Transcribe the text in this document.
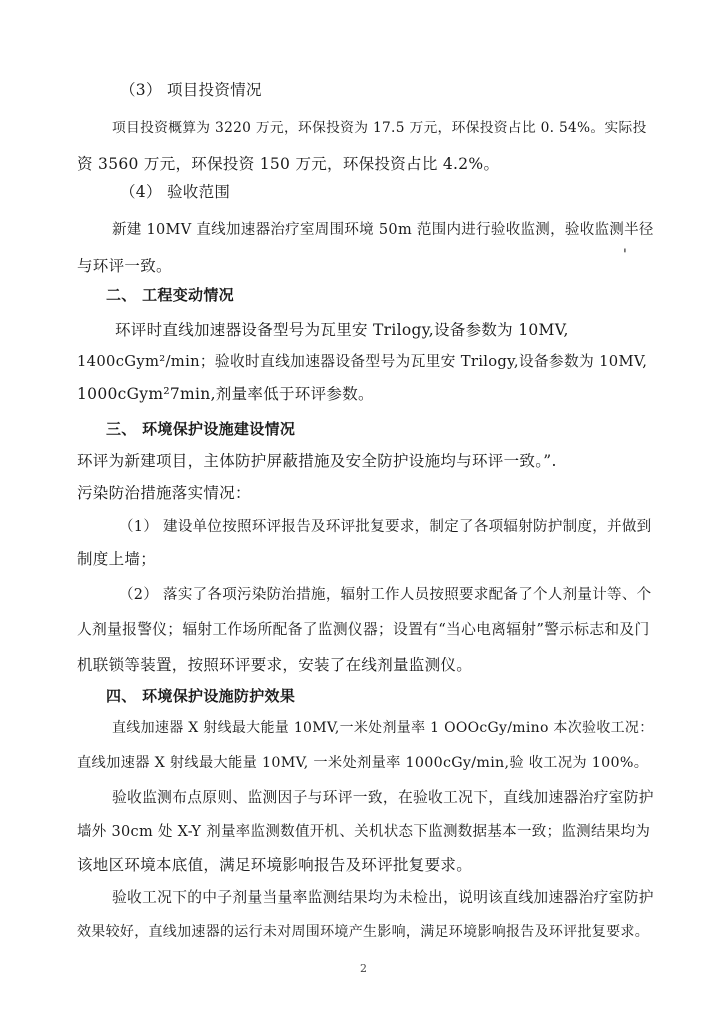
（3） 项目投资情况
项目投资概算为 3220 万元，环保投资为 17.5 万元，环保投资占比 0. 54%。实际投
资 3560 万元，环保投资 150 万元，环保投资占比 4.2%。
（4） 验收范围
新建 10MV 直线加速器治疗室周围环境 50m 范围内进行验收监测，验收监测半径
与环评一致。
'
二、 工程变动情况
环评时直线加速器设备型号为瓦里安 Trilogy,设备参数为 10MV,
1400cGym²/min；验收时直线加速器设备型号为瓦里安 Trilogy,设备参数为 10MV,
1000cGym²7min,剂量率低于环评参数。
三、 环境保护设施建设情况
环评为新建项目，主体防护屏蔽措施及安全防护设施均与环评一致。”.
污染防治措施落实情况：
（1） 建设单位按照环评报告及环评批复要求，制定了各项辐射防护制度，并做到
制度上墙；
（2） 落实了各项污染防治措施，辐射工作人员按照要求配备了个人剂量计等、个
人剂量报警仪；辐射工作场所配备了监测仪器；设置有“当心电离辐射”警示标志和及门
机联锁等装置，按照环评要求，安装了在线剂量监测仪。
四、 环境保护设施防护效果
直线加速器 X 射线最大能量 10MV,一米处剂量率 1 OOOcGy/mino 本次验收工况：
直线加速器 X 射线最大能量 10MV, 一米处剂量率 1000cGy/min,验 收工况为 100%。
验收监测布点原则、监测因子与环评一致，在验收工况下，直线加速器治疗室防护
墙外 30cm 处 X-Y 剂量率监测数值开机、关机状态下监测数据基本一致；监测结果均为
该地区环境本底值，满足环境影响报告及环评批复要求。
验收工况下的中子剂量当量率监测结果均为未检出，说明该直线加速器治疗室防护
效果较好，直线加速器的运行未对周围环境产生影响，满足环境影响报告及环评批复要求。
2
